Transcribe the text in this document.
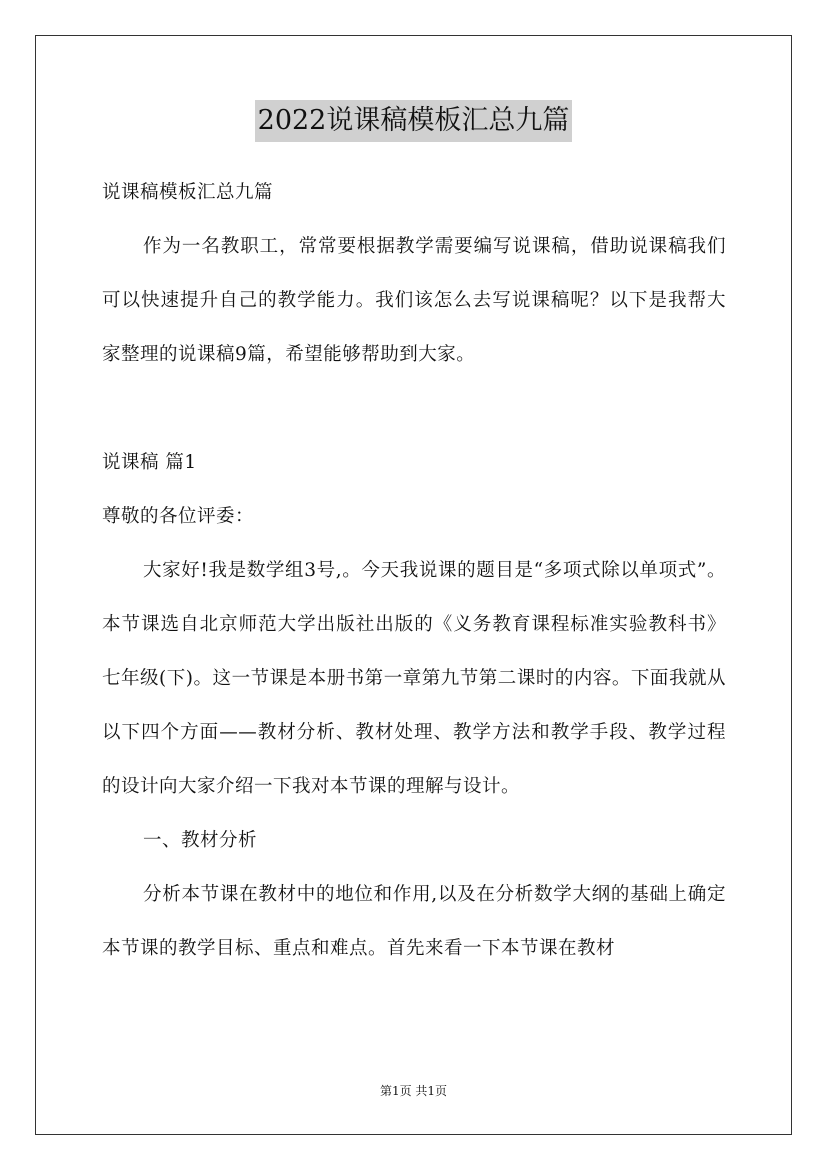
2022说课稿模板汇总九篇

说课稿模板汇总九篇

作为一名教职工，常常要根据教学需要编写说课稿，借助说课稿我们可以快速提升自己的教学能力。我们该怎么去写说课稿呢？以下是我帮大家整理的说课稿9篇，希望能够帮助到大家。

说课稿 篇1

尊敬的各位评委：

大家好!我是数学组3号,。今天我说课的题目是“多项式除以单项式”。本节课选自北京师范大学出版社出版的《义务教育课程标准实验教科书》七年级(下)。这一节课是本册书第一章第九节第二课时的内容。下面我就从以下四个方面——教材分析、教材处理、教学方法和教学手段、教学过程 的设计向大家介绍一下我对本节课的理解与设计。

一、教材分析

分析本节课在教材中的地位和作用,以及在分析数学大纲的基础上确定本节课的教学目标、重点和难点。首先来看一下本节课在教材

第1页 共1页
